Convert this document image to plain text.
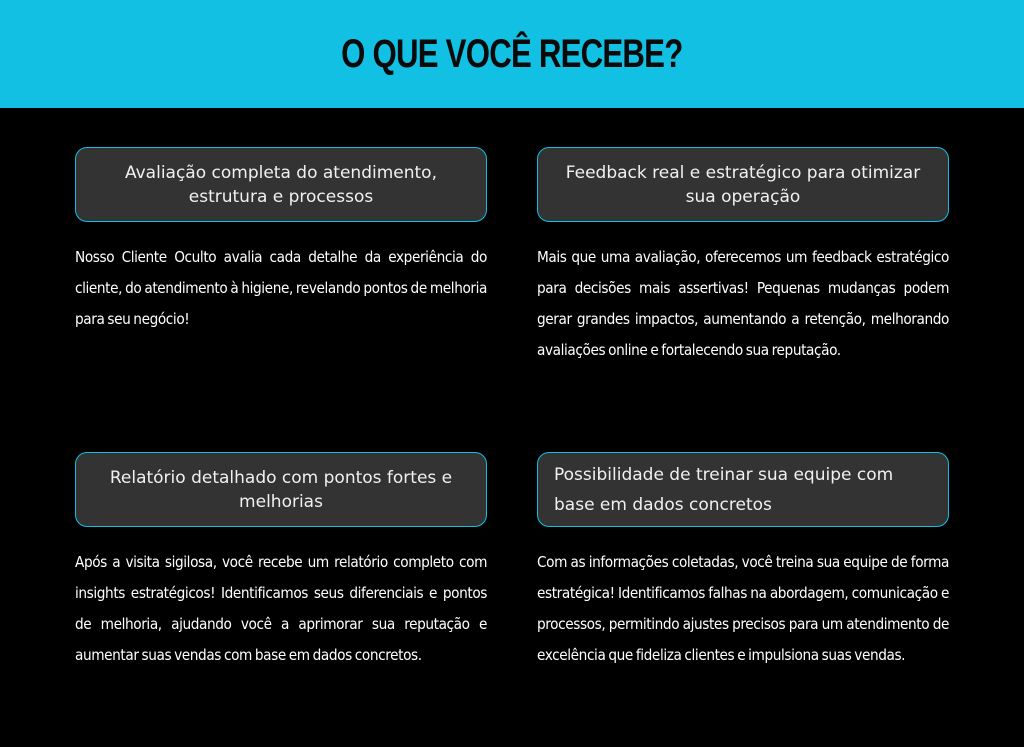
O QUE VOCÊ RECEBE?
Avaliação completa do atendimento, estrutura e processos
Nosso Cliente Oculto avalia cada detalhe da experiência do cliente, do atendimento à higiene, revelando pontos de melhoria para seu negócio!
Feedback real e estratégico para otimizar sua operação
Mais que uma avaliação, oferecemos um feedback estratégico para decisões mais assertivas! Pequenas mudanças podem gerar grandes impactos, aumentando a retenção, melhorando avaliações online e fortalecendo sua reputação.
Relatório detalhado com pontos fortes e melhorias
Após a visita sigilosa, você recebe um relatório completo com insights estratégicos! Identificamos seus diferenciais e pontos de melhoria, ajudando você a aprimorar sua reputação e aumentar suas vendas com base em dados concretos.
Possibilidade de treinar sua equipe com base em dados concretos
Com as informações coletadas, você treina sua equipe de forma estratégica! Identificamos falhas na abordagem, comunicação e processos, permitindo ajustes precisos para um atendimento de excelência que fideliza clientes e impulsiona suas vendas.
